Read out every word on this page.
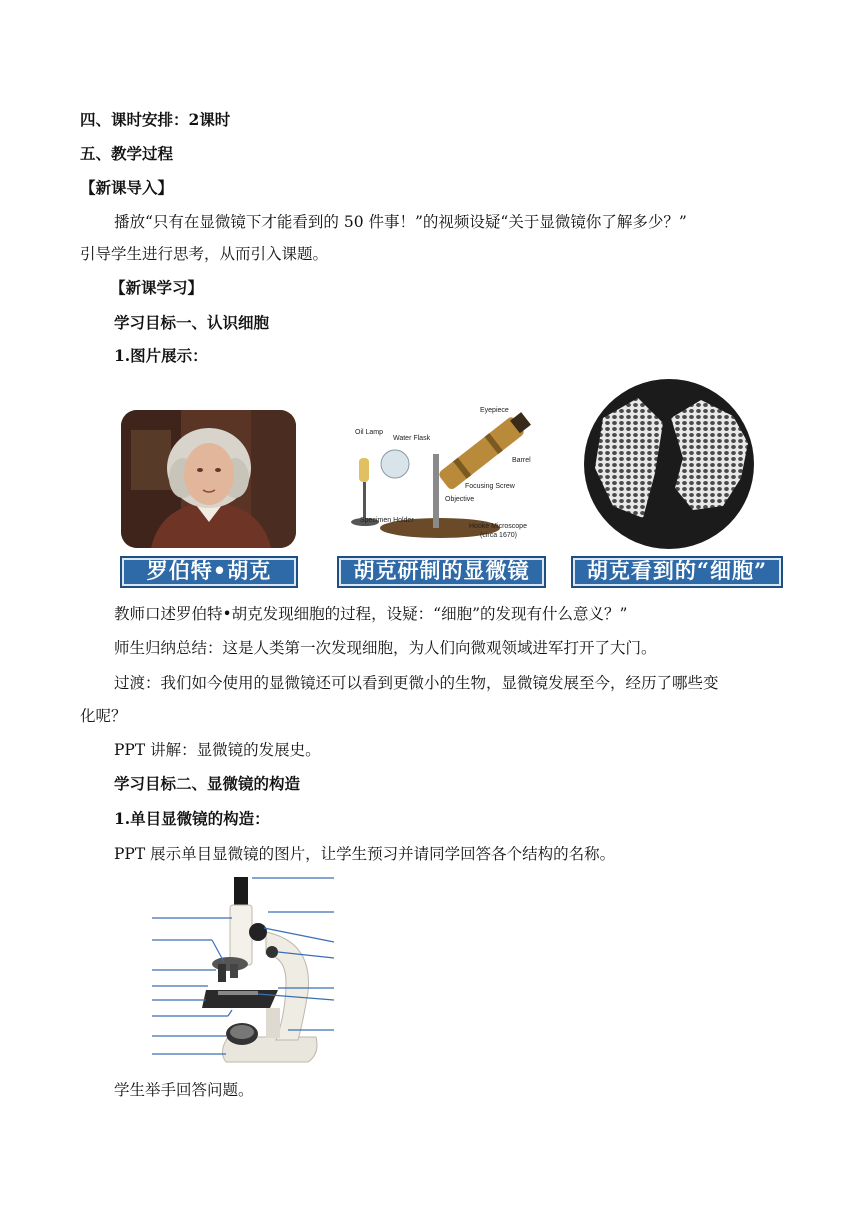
四、课时安排：2课时
五、教学过程
【新课导入】
播放“只有在显微镜下才能看到的 50 件事！”的视频设疑“关于显微镜你了解多少？”
引导学生进行思考，从而引入课题。
【新课学习】
学习目标一、认识细胞
1.图片展示：
Eyepiece
Oil Lamp
Water Flask
Barrel
Focusing Screw
Objective
Specimen Holder
Hooke Microscope
(circa 1670)
罗伯特•胡克	胡克研制的显微镜	胡克看到的“细胞”
教师口述罗伯特•胡克发现细胞的过程，设疑：“细胞”的发现有什么意义？”
师生归纳总结：这是人类第一次发现细胞，为人们向微观领域进军打开了大门。
过渡：我们如今使用的显微镜还可以看到更微小的生物，显微镜发展至今，经历了哪些变
化呢？
PPT 讲解：显微镜的发展史。
学习目标二、显微镜的构造
1.单目显微镜的构造：
PPT 展示单目显微镜的图片，让学生预习并请同学回答各个结构的名称。
学生举手回答问题。
